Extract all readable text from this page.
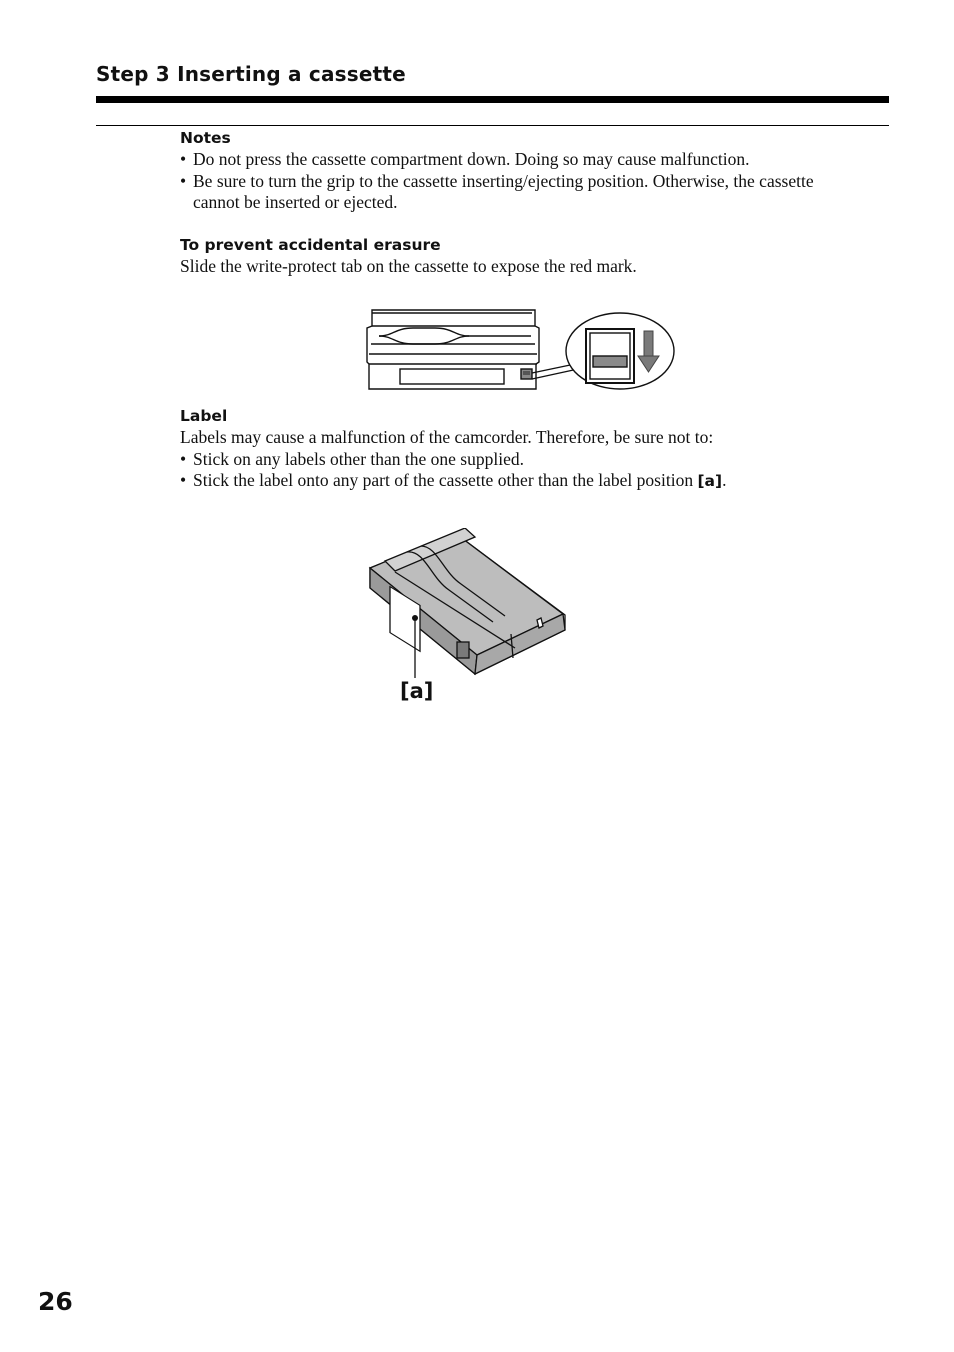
Step 3 Inserting a cassette

Notes

• Do not press the cassette compartment down. Doing so may cause malfunction.
• Be sure to turn the grip to the cassette inserting/ejecting position. Otherwise, the cassette cannot be inserted or ejected.

To prevent accidental erasure

Slide the write-protect tab on the cassette to expose the red mark.

Label

Labels may cause a malfunction of the camcorder. Therefore, be sure not to:

• Stick on any labels other than the one supplied.
• Stick the label onto any part of the cassette other than the label position [a].
[a]
26
